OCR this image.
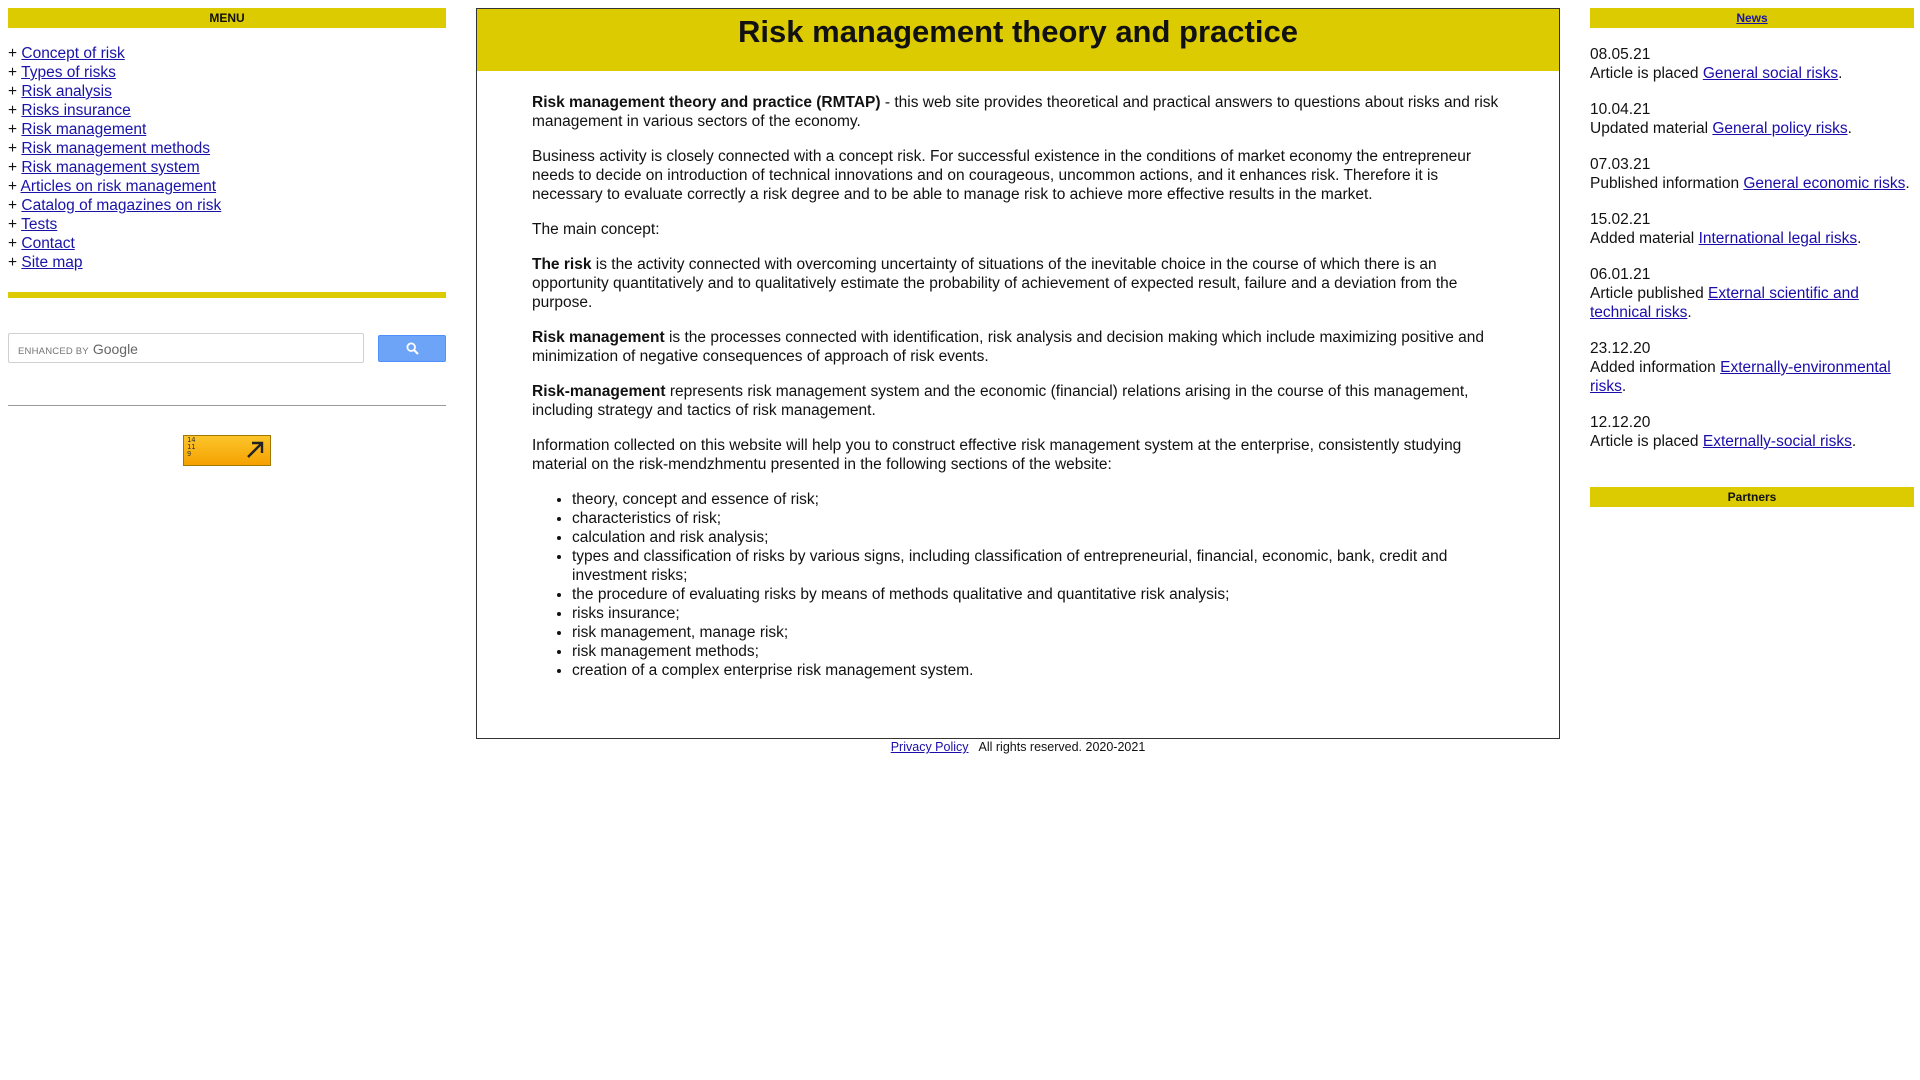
MENU
+ Concept of risk
+ Types of risks
+ Risk analysis
+ Risks insurance
+ Risk management
+ Risk management methods
+ Risk management system
+ Articles on risk management
+ Catalog of magazines on risk
+ Tests
+ Contact
+ Site map
ENHANCED BY Google
14
11
9
Risk management theory and practice

Risk management theory and practice (RMTAP) - this web site provides theoretical and practical answers to questions about risks and risk management in various sectors of the economy.

Business activity is closely connected with a concept risk. For successful existence in the conditions of market economy the entrepreneur needs to decide on introduction of technical innovations and on courageous, uncommon actions, and it enhances risk. Therefore it is necessary to evaluate correctly a risk degree and to be able to manage risk to achieve more effective results in the market.

The main concept:

The risk is the activity connected with overcoming uncertainty of situations of the inevitable choice in the course of which there is an opportunity quantitatively and to qualitatively estimate the probability of achievement of expected result, failure and a deviation from the purpose.

Risk management is the processes connected with identification, risk analysis and decision making which include maximizing positive and minimization of negative consequences of approach of risk events.

Risk-management represents risk management system and the economic (financial) relations arising in the course of this management, including strategy and tactics of risk management.

Information collected on this website will help you to construct effective risk management system at the enterprise, consistently studying material on the risk-mendzhmentu presented in the following sections of the website:

• theory, concept and essence of risk;
• characteristics of risk;
• calculation and risk analysis;
• types and classification of risks by various signs, including classification of entrepreneurial, financial, economic, bank, credit and investment risks;
• the procedure of evaluating risks by means of methods qualitative and quantitative risk analysis;
• risks insurance;
• risk management, manage risk;
• risk management methods;
• creation of a complex enterprise risk management system.
Privacy Policy All rights reserved. 2020-2021
News
08.05.21
Article is placed General social risks.
10.04.21
Updated material General policy risks.
07.03.21
Published information General economic risks.
15.02.21
Added material International legal risks.
06.01.21
Article published External scientific and technical risks.
23.12.20
Added information Externally-environmental risks.
12.12.20
Article is placed Externally-social risks.
Partners
